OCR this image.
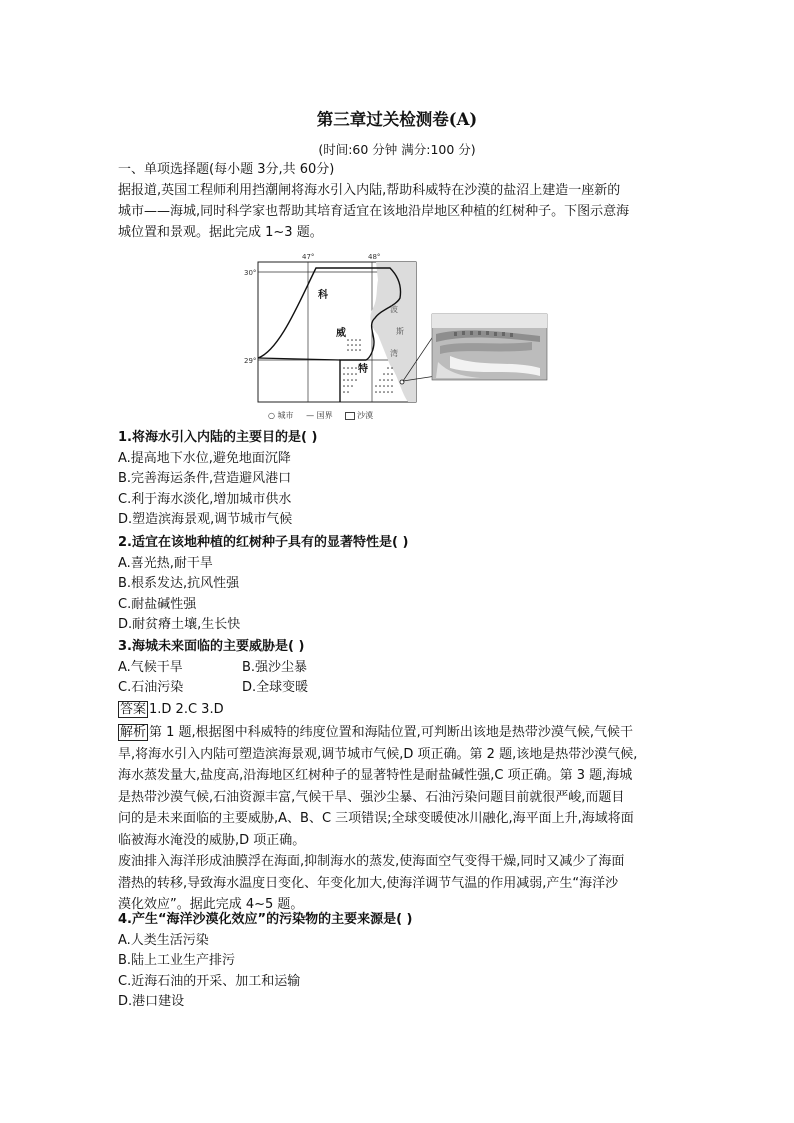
第三章过关检测卷(A)
(时间:60 分钟 满分:100 分)
一、单项选择题(每小题 3分,共 60分)
据报道,英国工程师利用挡潮闸将海水引入内陆,帮助科威特在沙漠的盐沼上建造一座新的
城市——海城,同时科学家也帮助其培育适宜在该地沿岸地区种植的红树种子。下图示意海
城位置和景观。据此完成 1~3 题。
47°	48°
30°
29°
科
威
特
波
斯
湾
○ 城市 — 国界	沙漠
1.将海水引入内陆的主要目的是( )
A.提高地下水位,避免地面沉降
B.完善海运条件,营造避风港口
C.利于海水淡化,增加城市供水
D.塑造滨海景观,调节城市气候
2.适宜在该地种植的红树种子具有的显著特性是( )
A.喜光热,耐干旱
B.根系发达,抗风性强
C.耐盐碱性强
D.耐贫瘠土壤,生长快
3.海城未来面临的主要威胁是( )
A.气候干旱	B.强沙尘暴
C.石油污染	D.全球变暖
答案 1.D 2.C 3.D
解析 第 1 题,根据图中科威特的纬度位置和海陆位置,可判断出该地是热带沙漠气候,气候干
旱,将海水引入内陆可塑造滨海景观,调节城市气候,D 项正确。第 2 题,该地是热带沙漠气候,
海水蒸发量大,盐度高,沿海地区红树种子的显著特性是耐盐碱性强,C 项正确。第 3 题,海城
是热带沙漠气候,石油资源丰富,气候干旱、强沙尘暴、石油污染问题目前就很严峻,而题目
问的是未来面临的主要威胁,A、B、C 三项错误;全球变暖使冰川融化,海平面上升,海域将面
临被海水淹没的威胁,D 项正确。
废油排入海洋形成油膜浮在海面,抑制海水的蒸发,使海面空气变得干燥,同时又减少了海面
潜热的转移,导致海水温度日变化、年变化加大,使海洋调节气温的作用减弱,产生“海洋沙
漠化效应”。据此完成 4~5 题。
4.产生“海洋沙漠化效应”的污染物的主要来源是( )
A.人类生活污染
B.陆上工业生产排污
C.近海石油的开采、加工和运输
D.港口建设
